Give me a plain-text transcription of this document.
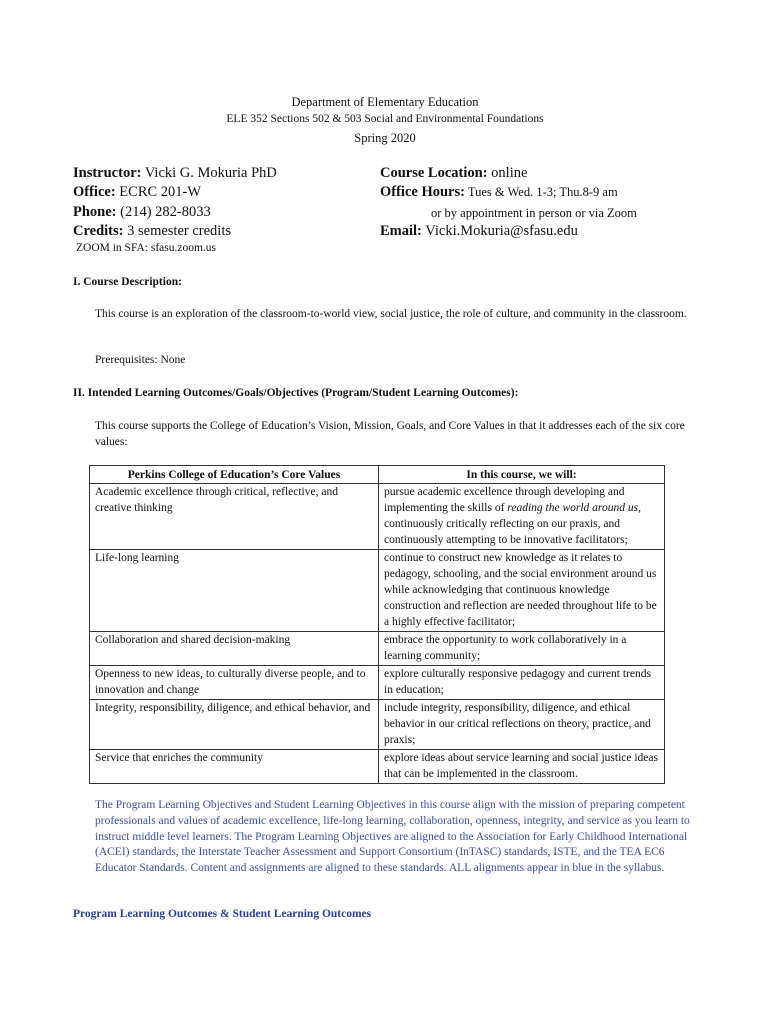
Department of Elementary Education
ELE 352 Sections 502 & 503 Social and Environmental Foundations
Spring 2020
Instructor: Vicki G. Mokuria PhD
Office: ECRC 201-W
Phone: (214) 282-8033
Credits: 3 semester credits
ZOOM in SFA: sfasu.zoom.us
Course Location: online
Office Hours: Tues & Wed. 1-3; Thu.8-9 am
or by appointment in person or via Zoom
Email: Vicki.Mokuria@sfasu.edu
I. Course Description:
This course is an exploration of the classroom-to-world view, social justice, the role of culture, and community in the classroom.
Prerequisites: None
II. Intended Learning Outcomes/Goals/Objectives (Program/Student Learning Outcomes):
This course supports the College of Education’s Vision, Mission, Goals, and Core Values in that it addresses each of the six core values:
Perkins College of Education’s Core Values	In this course, we will:
Academic excellence through critical, reflective, and creative thinking	pursue academic excellence through developing and implementing the skills of reading the world around us, continuously critically reflecting on our praxis, and continuously attempting to be innovative facilitators;
Life-long learning	continue to construct new knowledge as it relates to pedagogy, schooling, and the social environment around us while acknowledging that continuous knowledge construction and reflection are needed throughout life to be a highly effective facilitator;
Collaboration and shared decision-making	embrace the opportunity to work collaboratively in a learning community;
Openness to new ideas, to culturally diverse people, and to innovation and change	explore culturally responsive pedagogy and current trends in education;
Integrity, responsibility, diligence, and ethical behavior, and	include integrity, responsibility, diligence, and ethical behavior in our critical reflections on theory, practice, and praxis;
Service that enriches the community	explore ideas about service learning and social justice ideas that can be implemented in the classroom.
The Program Learning Objectives and Student Learning Objectives in this course align with the mission of preparing competent professionals and values of academic excellence, life-long learning, collaboration, openness, integrity, and service as you learn to instruct middle level learners. The Program Learning Objectives are aligned to the Association for Early Childhood International (ACEI) standards, the Interstate Teacher Assessment and Support Consortium (InTASC) standards, ISTE, and the TEA EC6 Educator Standards. Content and assignments are aligned to these standards. ALL alignments appear in blue in the syllabus.
Program Learning Outcomes & Student Learning Outcomes
